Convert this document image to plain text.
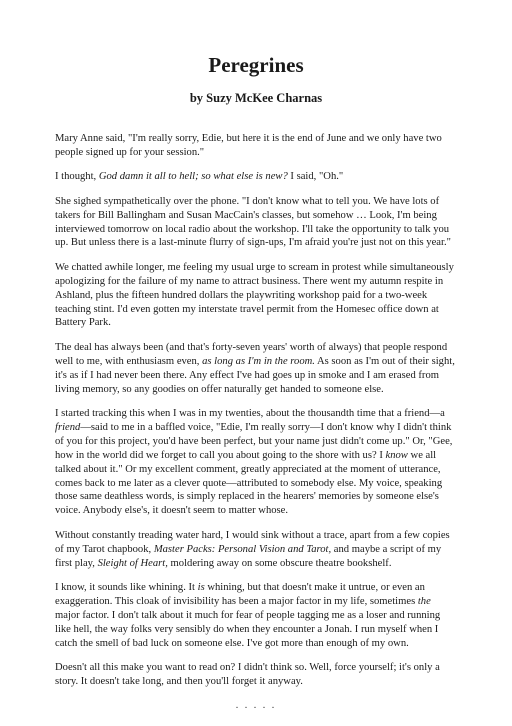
Peregrines
by Suzy McKee Charnas

Mary Anne said, "I'm really sorry, Edie, but here it is the end of June and we only have two people signed up for your session."

I thought, God damn it all to hell; so what else is new? I said, "Oh."

She sighed sympathetically over the phone. "I don't know what to tell you. We have lots of takers for Bill Ballingham and Susan MacCain's classes, but somehow … Look, I'm being interviewed tomorrow on local radio about the workshop. I'll take the opportunity to talk you up. But unless there is a last-minute flurry of sign-ups, I'm afraid you're just not on this year."

We chatted awhile longer, me feeling my usual urge to scream in protest while simultaneously apologizing for the failure of my name to attract business. There went my autumn respite in Ashland, plus the fifteen hundred dollars the playwriting workshop paid for a two-week teaching stint. I'd even gotten my interstate travel permit from the Homesec office down at Battery Park.

The deal has always been (and that's forty-seven years' worth of always) that people respond well to me, with enthusiasm even, as long as I'm in the room. As soon as I'm out of their sight, it's as if I had never been there. Any effect I've had goes up in smoke and I am erased from living memory, so any goodies on offer naturally get handed to someone else.

I started tracking this when I was in my twenties, about the thousandth time that a friend—a friend—said to me in a baffled voice, "Edie, I'm really sorry—I don't know why I didn't think of you for this project, you'd have been perfect, but your name just didn't come up." Or, "Gee, how in the world did we forget to call you about going to the shore with us? I know we all talked about it." Or my excellent comment, greatly appreciated at the moment of utterance, comes back to me later as a clever quote—attributed to somebody else. My voice, speaking those same deathless words, is simply replaced in the hearers' memories by someone else's voice. Anybody else's, it doesn't seem to matter whose.

Without constantly treading water hard, I would sink without a trace, apart from a few copies of my Tarot chapbook, Master Packs: Personal Vision and Tarot, and maybe a script of my first play, Sleight of Heart, moldering away on some obscure theatre bookshelf.

I know, it sounds like whining. It is whining, but that doesn't make it untrue, or even an exaggeration. This cloak of invisibility has been a major factor in my life, sometimes the major factor. I don't talk about it much for fear of people tagging me as a loser and running like hell, the way folks very sensibly do when they encounter a Jonah. I run myself when I catch the smell of bad luck on someone else. I've got more than enough of my own.

Doesn't all this make you want to read on? I didn't think so. Well, force yourself; it's only a story. It doesn't take long, and then you'll forget it anyway.

. . . . .
